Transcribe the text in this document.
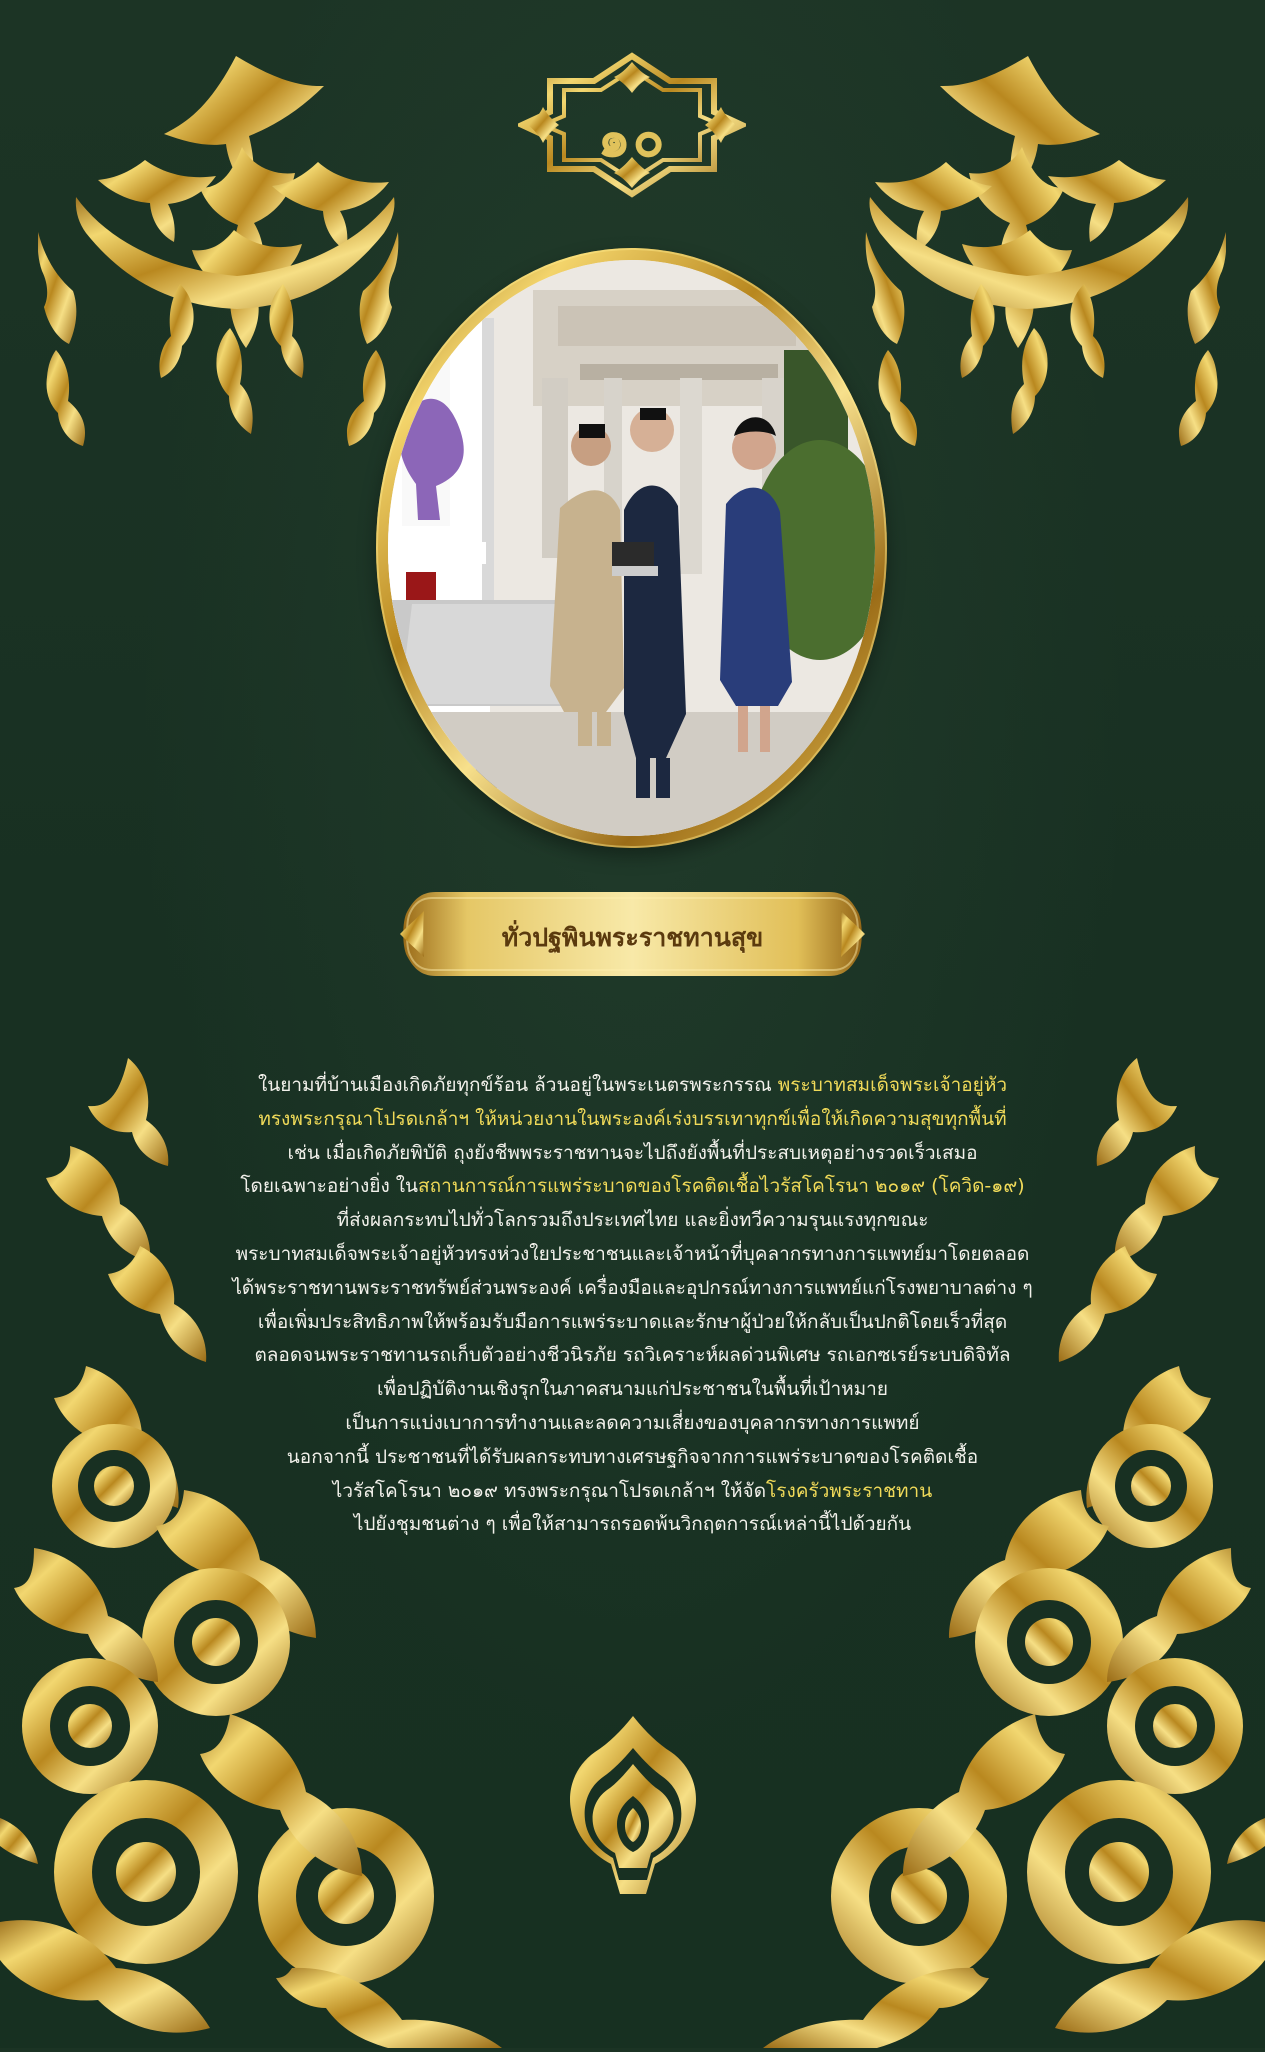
๑๐
ทั่วปฐพินพระราชทานสุข
ในยามที่บ้านเมืองเกิดภัยทุกข์ร้อน ล้วนอยู่ในพระเนตรพระกรรณ พระบาทสมเด็จพระเจ้าอยู่หัว
ทรงพระกรุณาโปรดเกล้าฯ ให้หน่วยงานในพระองค์เร่งบรรเทาทุกข์เพื่อให้เกิดความสุขทุกพื้นที่
เช่น เมื่อเกิดภัยพิบัติ ถุงยังชีพพระราชทานจะไปถึงยังพื้นที่ประสบเหตุอย่างรวดเร็วเสมอ
โดยเฉพาะอย่างยิ่ง ในสถานการณ์การแพร่ระบาดของโรคติดเชื้อไวรัสโคโรนา ๒๐๑๙ (โควิด-๑๙)
ที่ส่งผลกระทบไปทั่วโลกรวมถึงประเทศไทย และยิ่งทวีความรุนแรงทุกขณะ
พระบาทสมเด็จพระเจ้าอยู่หัวทรงห่วงใยประชาชนและเจ้าหน้าที่บุคลากรทางการแพทย์มาโดยตลอด
ได้พระราชทานพระราชทรัพย์ส่วนพระองค์ เครื่องมือและอุปกรณ์ทางการแพทย์แก่โรงพยาบาลต่าง ๆ
เพื่อเพิ่มประสิทธิภาพให้พร้อมรับมือการแพร่ระบาดและรักษาผู้ป่วยให้กลับเป็นปกติโดยเร็วที่สุด
ตลอดจนพระราชทานรถเก็บตัวอย่างชีวนิรภัย รถวิเคราะห์ผลด่วนพิเศษ รถเอกซเรย์ระบบดิจิทัล
เพื่อปฏิบัติงานเชิงรุกในภาคสนามแก่ประชาชนในพื้นที่เป้าหมาย
เป็นการแบ่งเบาการทำงานและลดความเสี่ยงของบุคลากรทางการแพทย์
นอกจากนี้ ประชาชนที่ได้รับผลกระทบทางเศรษฐกิจจากการแพร่ระบาดของโรคติดเชื้อ
ไวรัสโคโรนา ๒๐๑๙ ทรงพระกรุณาโปรดเกล้าฯ ให้จัดโรงครัวพระราชทาน
ไปยังชุมชนต่าง ๆ เพื่อให้สามารถรอดพ้นวิกฤตการณ์เหล่านี้ไปด้วยกัน
